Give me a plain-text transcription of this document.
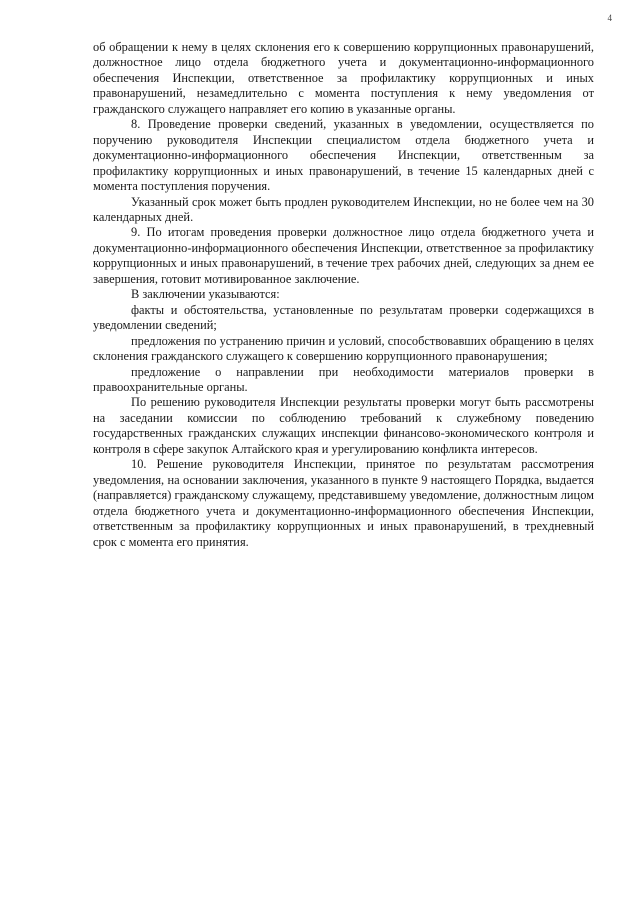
4

об обращении к нему в целях склонения его к совершению коррупционных правонарушений, должностное лицо отдела бюджетного учета и документационно-информационного обеспечения Инспекции, ответственное за профилактику коррупционных и иных правонарушений, незамедлительно с момента поступления к нему уведомления от гражданского служащего направляет его копию в указанные органы.

8. Проведение проверки сведений, указанных в уведомлении, осуществляется по поручению руководителя Инспекции специалистом отдела бюджетного учета и документационно-информационного обеспечения Инспекции, ответственным за профилактику коррупционных и иных правонарушений, в течение 15 календарных дней с момента поступления поручения.

Указанный срок может быть продлен руководителем Инспекции, но не более чем на 30 календарных дней.

9. По итогам проведения проверки должностное лицо отдела бюджетного учета и документационно-информационного обеспечения Инспекции, ответственное за профилактику коррупционных и иных правонарушений, в течение трех рабочих дней, следующих за днем ее завершения, готовит мотивированное заключение.

В заключении указываются:

факты и обстоятельства, установленные по результатам проверки содержащихся в уведомлении сведений;

предложения по устранению причин и условий, способствовавших обращению в целях склонения гражданского служащего к совершению коррупционного правонарушения;

предложение о направлении при необходимости материалов проверки в правоохранительные органы.

По решению руководителя Инспекции результаты проверки могут быть рассмотрены на заседании комиссии по соблюдению требований к служебному поведению государственных гражданских служащих инспекции финансово-экономического контроля и контроля в сфере закупок Алтайского края и урегулированию конфликта интересов.

10. Решение руководителя Инспекции, принятое по результатам рассмотрения уведомления, на основании заключения, указанного в пункте 9 настоящего Порядка, выдается (направляется) гражданскому служащему, представившему уведомление, должностным лицом отдела бюджетного учета и документационно-информационного обеспечения Инспекции, ответственным за профилактику коррупционных и иных правонарушений, в трехдневный срок с момента его принятия.
